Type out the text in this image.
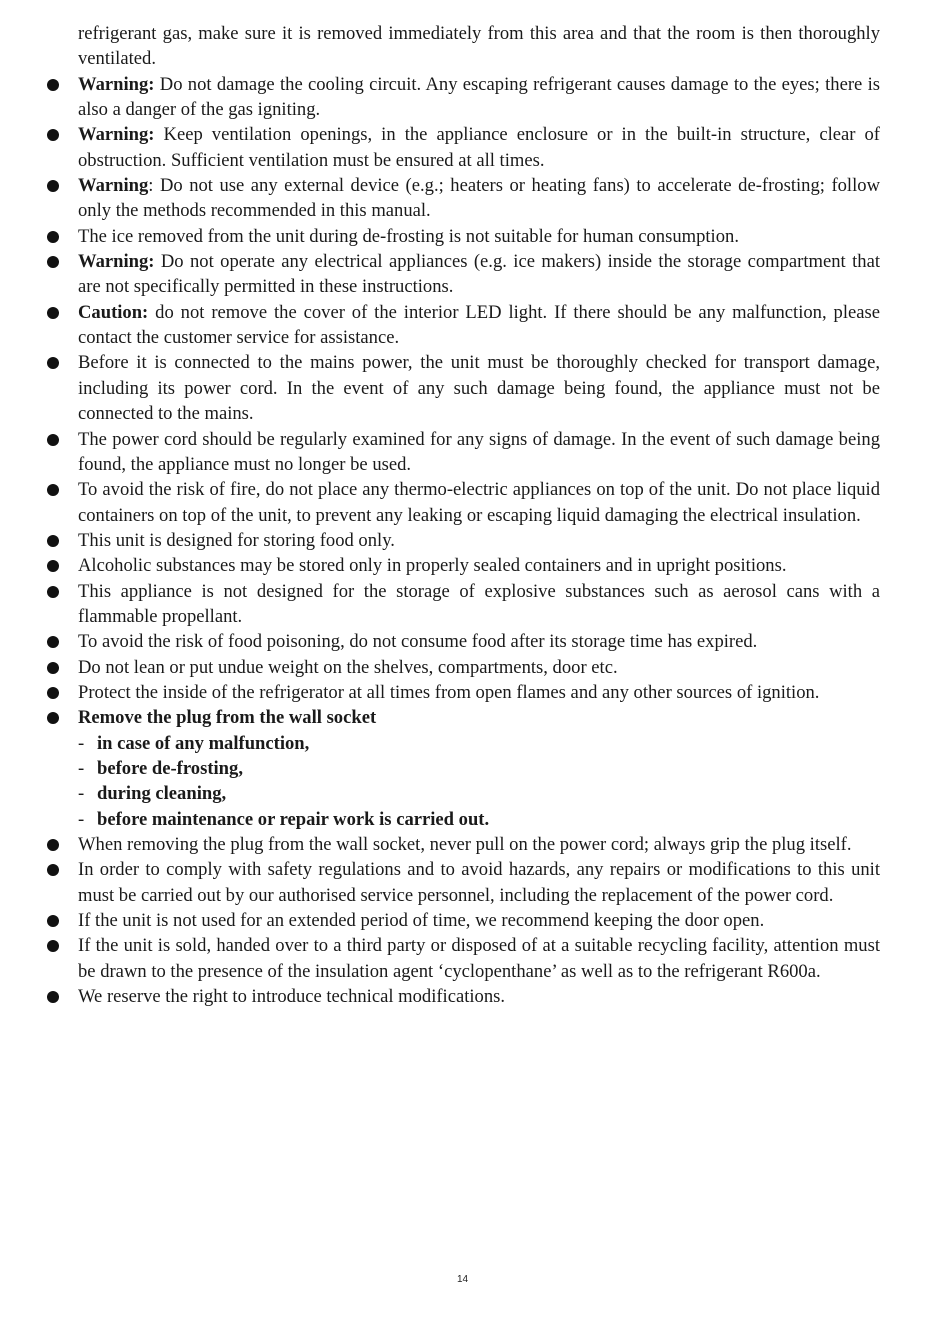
refrigerant gas, make sure it is removed immediately from this area and that the room is then thoroughly ventilated.

Warning: Do not damage the cooling circuit. Any escaping refrigerant causes damage to the eyes; there is also a danger of the gas igniting.

Warning: Keep ventilation openings, in the appliance enclosure or in the built-in structure, clear of obstruction. Sufficient ventilation must be ensured at all times.

Warning: Do not use any external device (e.g.; heaters or heating fans) to accelerate de-frosting; follow only the methods recommended in this manual.

The ice removed from the unit during de-frosting is not suitable for human consumption.

Warning: Do not operate any electrical appliances (e.g. ice makers) inside the storage compartment that are not specifically permitted in these instructions.

Caution: do not remove the cover of the interior LED light. If there should be any malfunction, please contact the customer service for assistance.

Before it is connected to the mains power, the unit must be thoroughly checked for transport damage, including its power cord. In the event of any such damage being found, the appliance must not be connected to the mains.

The power cord should be regularly examined for any signs of damage. In the event of such damage being found, the appliance must no longer be used.

To avoid the risk of fire, do not place any thermo-electric appliances on top of the unit. Do not place liquid containers on top of the unit, to prevent any leaking or escaping liquid damaging the electrical insulation.

This unit is designed for storing food only.

Alcoholic substances may be stored only in properly sealed containers and in upright positions.

This appliance is not designed for the storage of explosive substances such as aerosol cans with a flammable propellant.

To avoid the risk of food poisoning, do not consume food after its storage time has expired.

Do not lean or put undue weight on the shelves, compartments, door etc.

Protect the inside of the refrigerator at all times from open flames and any other sources of ignition.

Remove the plug from the wall socket
- in case of any malfunction,
- before de-frosting,
- during cleaning,
- before maintenance or repair work is carried out.

When removing the plug from the wall socket, never pull on the power cord; always grip the plug itself.

In order to comply with safety regulations and to avoid hazards, any repairs or modifications to this unit must be carried out by our authorised service personnel, including the replacement of the power cord.

If the unit is not used for an extended period of time, we recommend keeping the door open.

If the unit is sold, handed over to a third party or disposed of at a suitable recycling facility, attention must be drawn to the presence of the insulation agent ‘cyclopenthane’ as well as to the refrigerant R600a.

We reserve the right to introduce technical modifications.

14
